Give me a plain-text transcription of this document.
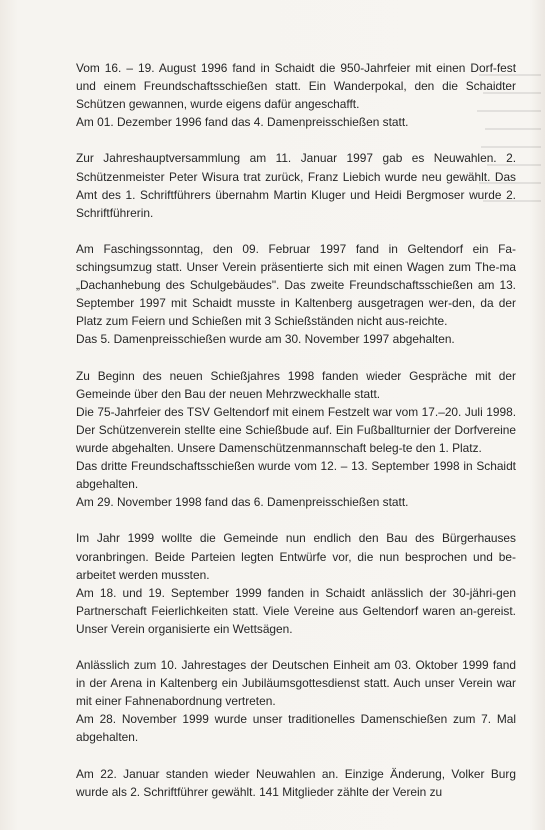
Vom 16. – 19. August 1996 fand in Schaidt die 950-Jahrfeier mit einen Dorf-fest und einem Freundschaftsschießen statt. Ein Wanderpokal, den die Schaidter Schützen gewannen, wurde eigens dafür angeschafft.
Am 01. Dezember 1996 fand das 4. Damenpreisschießen statt.
Zur Jahreshauptversammlung am 11. Januar 1997 gab es Neuwahlen. 2. Schützenmeister Peter Wisura trat zurück, Franz Liebich wurde neu gewählt. Das Amt des 1. Schriftführers übernahm Martin Kluger und Heidi Bergmoser wurde 2. Schriftführerin.
Am Faschingssonntag, den 09. Februar 1997 fand in Geltendorf ein Fa-schingsumzug statt. Unser Verein präsentierte sich mit einen Wagen zum The-ma „Dachanhebung des Schulgebäudes". Das zweite Freundschaftsschießen am 13. September 1997 mit Schaidt musste in Kaltenberg ausgetragen wer-den, da der Platz zum Feiern und Schießen mit 3 Schießständen nicht aus-reichte.
Das 5. Damenpreisschießen wurde am 30. November 1997 abgehalten.
Zu Beginn des neuen Schießjahres 1998 fanden wieder Gespräche mit der Gemeinde über den Bau der neuen Mehrzweckhalle statt.
Die 75-Jahrfeier des TSV Geltendorf mit einem Festzelt war vom 17.–20. Juli 1998. Der Schützenverein stellte eine Schießbude auf. Ein Fußballturnier der Dorfvereine wurde abgehalten. Unsere Damenschützenmannschaft beleg-te den 1. Platz.
Das dritte Freundschaftsschießen wurde vom 12. – 13. September 1998 in Schaidt abgehalten.
Am 29. November 1998 fand das 6. Damenpreisschießen statt.
Im Jahr 1999 wollte die Gemeinde nun endlich den Bau des Bürgerhauses voranbringen. Beide Parteien legten Entwürfe vor, die nun besprochen und be-arbeitet werden mussten.
Am 18. und 19. September 1999 fanden in Schaidt anlässlich der 30-jähri-gen Partnerschaft Feierlichkeiten statt. Viele Vereine aus Geltendorf waren an-gereist. Unser Verein organisierte ein Wettsägen.
Anlässlich zum 10. Jahrestages der Deutschen Einheit am 03. Oktober 1999 fand in der Arena in Kaltenberg ein Jubiläumsgottesdienst statt. Auch unser Verein war mit einer Fahnenabordnung vertreten.
Am 28. November 1999 wurde unser traditionelles Damenschießen zum 7. Mal abgehalten.
Am 22. Januar standen wieder Neuwahlen an. Einzige Änderung, Volker Burg wurde als 2. Schriftführer gewählt. 141 Mitglieder zählte der Verein zu
